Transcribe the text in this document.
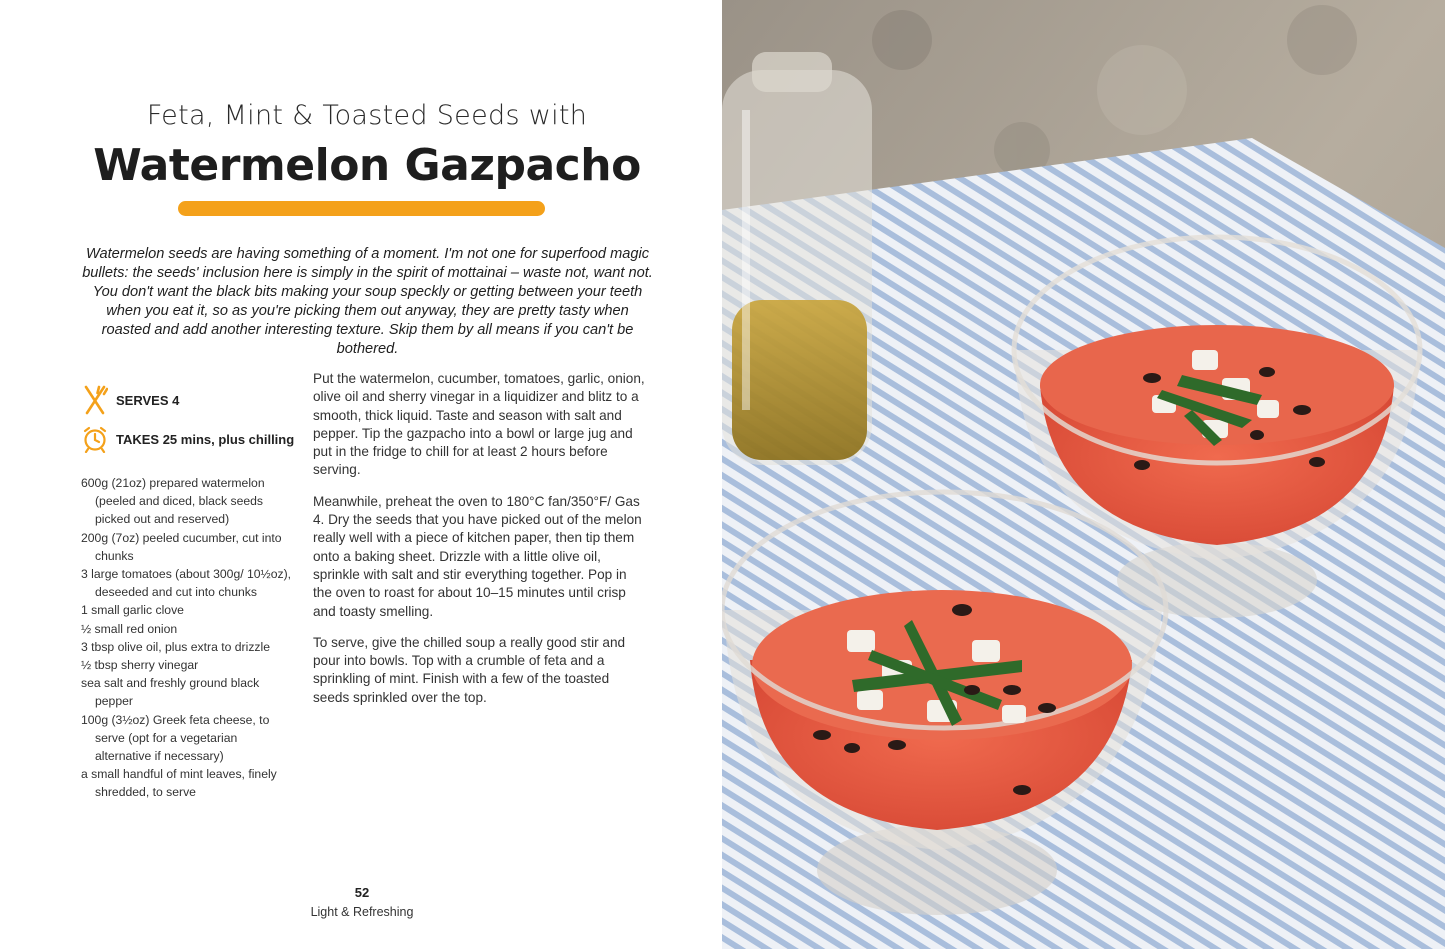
Feta, Mint & Toasted Seeds with
Watermelon Gazpacho
Watermelon seeds are having something of a moment. I'm not one for superfood magic bullets: the seeds' inclusion here is simply in the spirit of mottainai – waste not, want not. You don't want the black bits making your soup speckly or getting between your teeth when you eat it, so as you're picking them out anyway, they are pretty tasty when roasted and add another interesting texture. Skip them by all means if you can't be bothered.
SERVES 4
TAKES 25 mins, plus chilling
600g (21oz) prepared watermelon (peeled and diced, black seeds picked out and reserved)
200g (7oz) peeled cucumber, cut into chunks
3 large tomatoes (about 300g/ 10½oz), deseeded and cut into chunks
1 small garlic clove
½ small red onion
3 tbsp olive oil, plus extra to drizzle
½ tbsp sherry vinegar
sea salt and freshly ground black pepper
100g (3½oz) Greek feta cheese, to serve (opt for a vegetarian alternative if necessary)
a small handful of mint leaves, finely shredded, to serve

Put the watermelon, cucumber, tomatoes, garlic, onion, olive oil and sherry vinegar in a liquidizer and blitz to a smooth, thick liquid. Taste and season with salt and pepper. Tip the gazpacho into a bowl or large jug and put in the fridge to chill for at least 2 hours before serving.

Meanwhile, preheat the oven to 180°C fan/350°F/ Gas 4. Dry the seeds that you have picked out of the melon really well with a piece of kitchen paper, then tip them onto a baking sheet. Drizzle with a little olive oil, sprinkle with salt and stir everything together. Pop in the oven to roast for about 10–15 minutes until crisp and toasty smelling.

To serve, give the chilled soup a really good stir and pour into bowls. Top with a crumble of feta and a sprinkling of mint. Finish with a few of the toasted seeds sprinkled over the top.

52
Light & Refreshing
